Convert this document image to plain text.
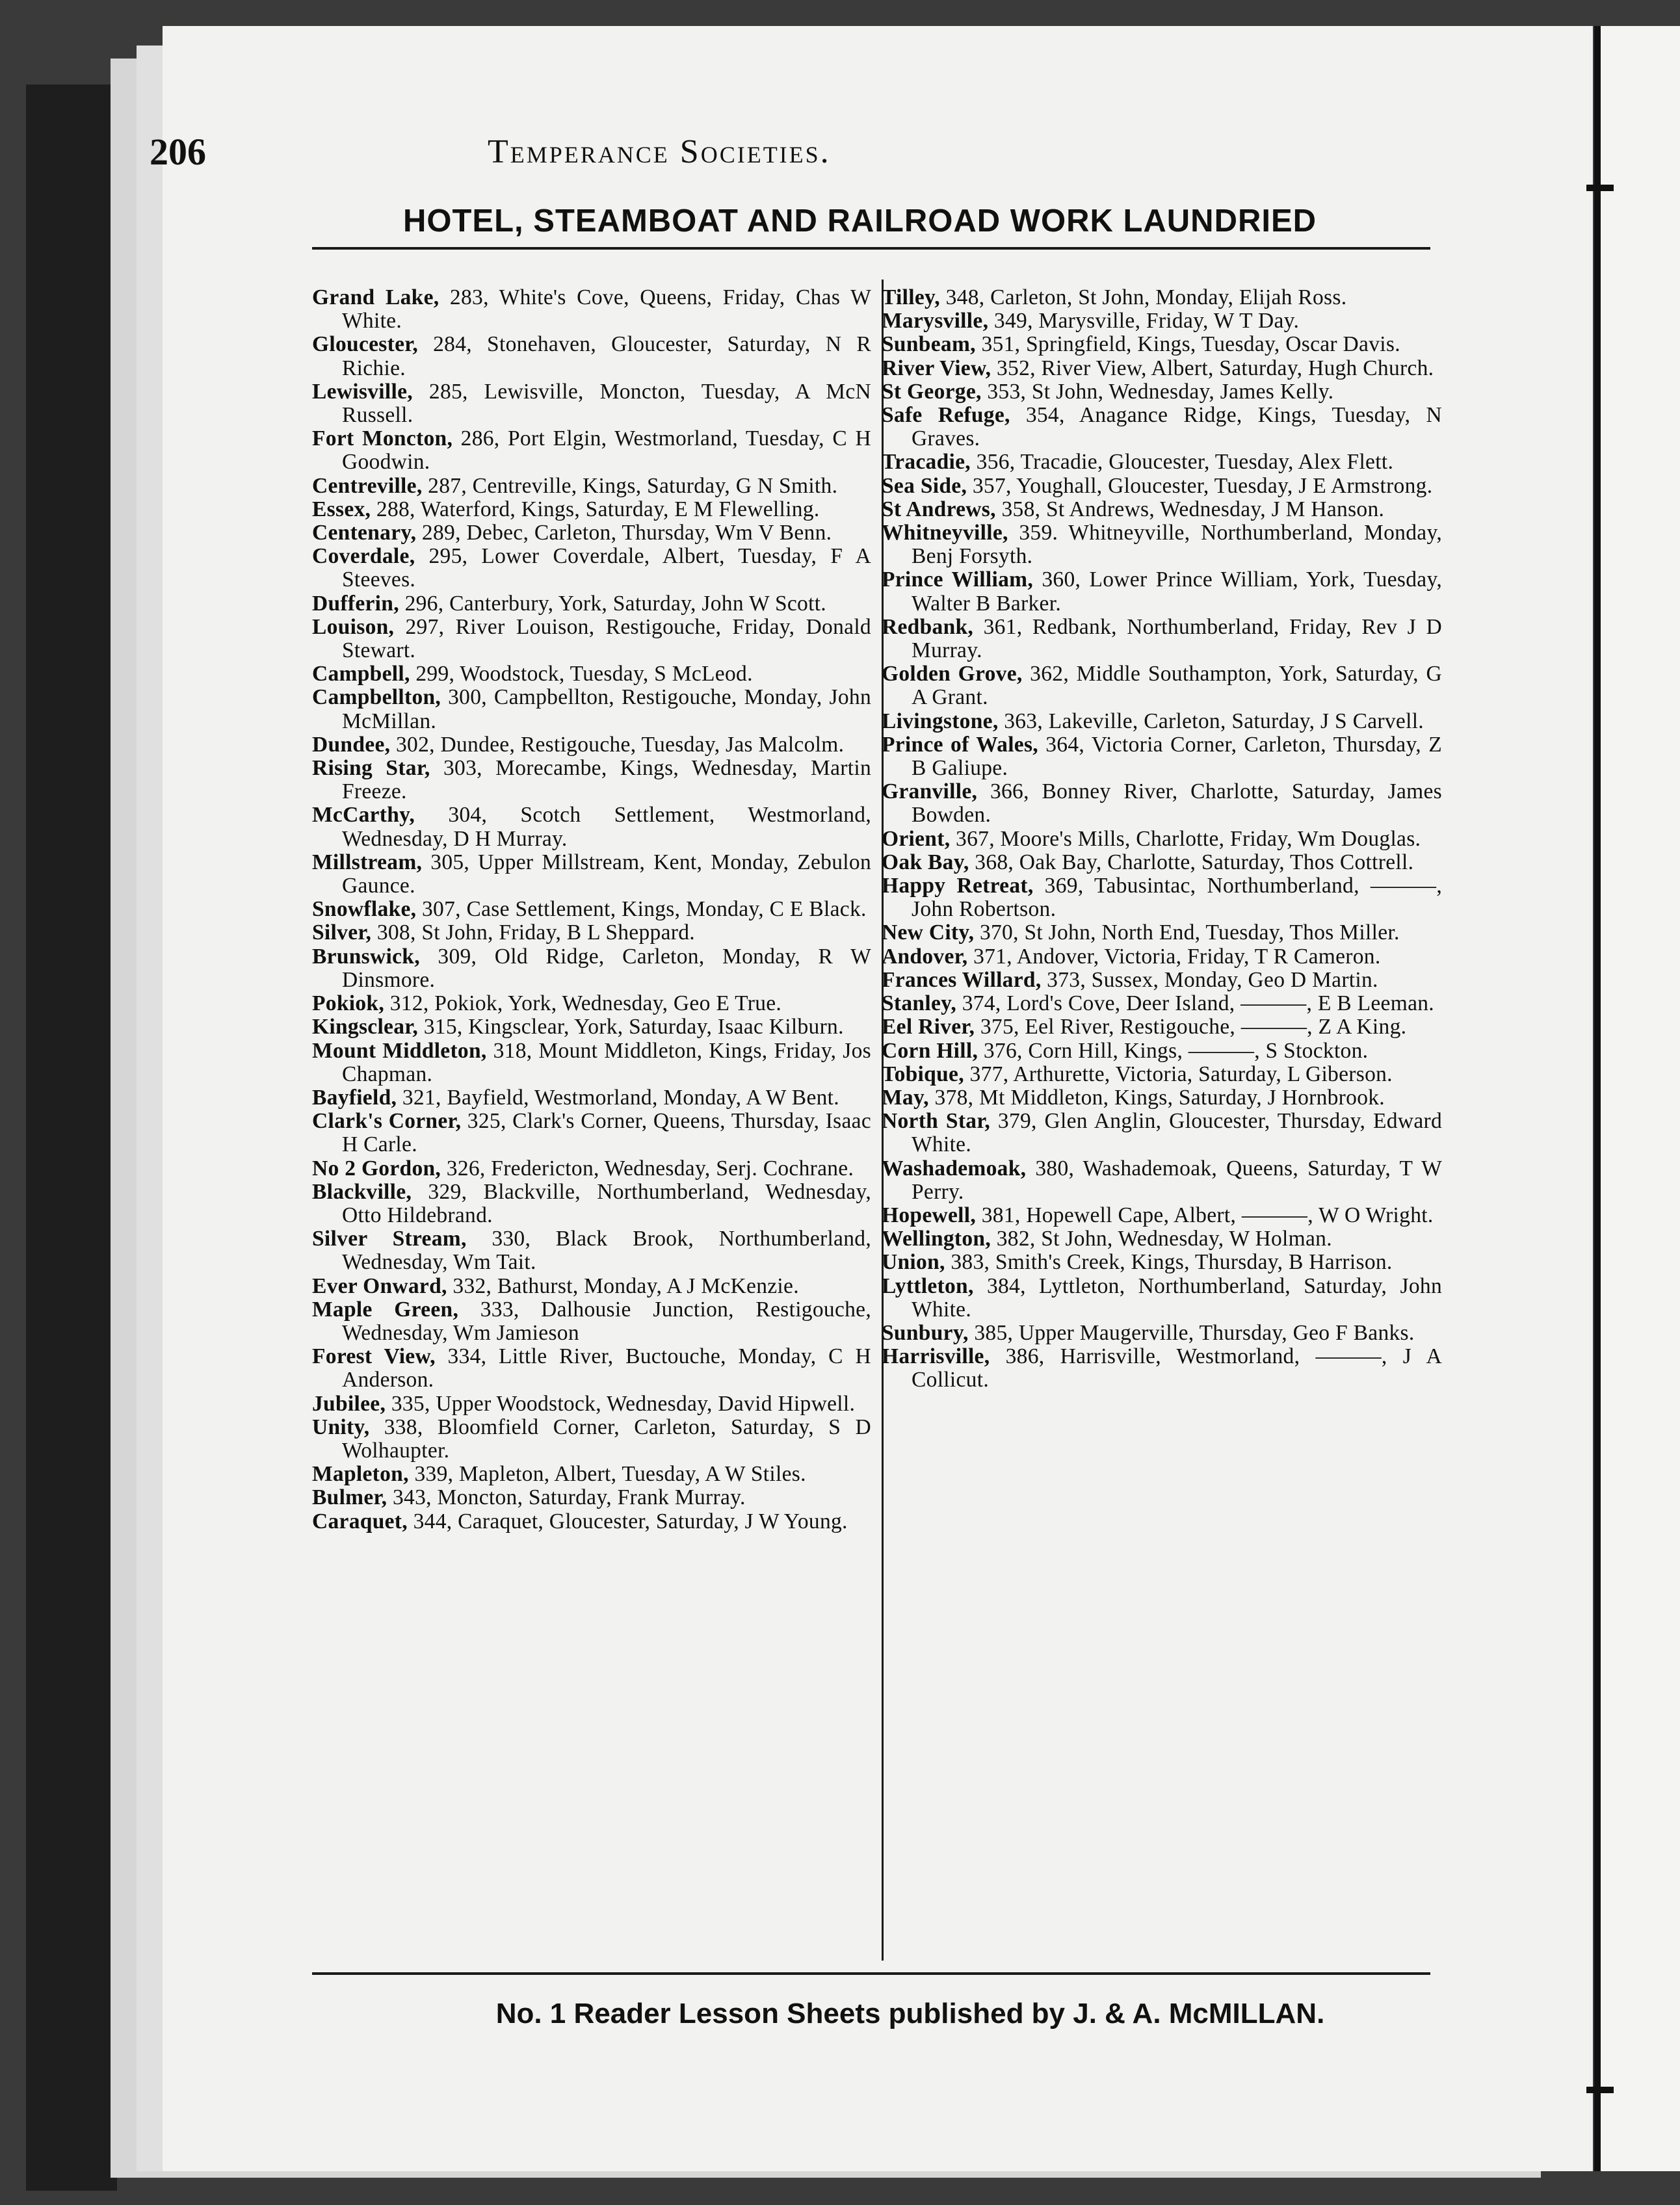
206	Temperance Societies.
HOTEL, STEAMBOAT AND RAILROAD WORK LAUNDRIED

Grand Lake, 283, White's Cove, Queens, Friday, Chas W White.

Gloucester, 284, Stonehaven, Gloucester, Saturday, N R Richie.

Lewisville, 285, Lewisville, Moncton, Tuesday, A McN Russell.

Fort Moncton, 286, Port Elgin, Westmorland, Tuesday, C H Goodwin.

Centreville, 287, Centreville, Kings, Saturday, G N Smith.

Essex, 288, Waterford, Kings, Saturday, E M Flewelling.

Centenary, 289, Debec, Carleton, Thursday, Wm V Benn.

Coverdale, 295, Lower Coverdale, Albert, Tuesday, F A Steeves.

Dufferin, 296, Canterbury, York, Saturday, John W Scott.

Louison, 297, River Louison, Restigouche, Friday, Donald Stewart.

Campbell, 299, Woodstock, Tuesday, S McLeod.

Campbellton, 300, Campbellton, Restigouche, Monday, John McMillan.

Dundee, 302, Dundee, Restigouche, Tuesday, Jas Malcolm.

Rising Star, 303, Morecambe, Kings, Wednesday, Martin Freeze.

McCarthy, 304, Scotch Settlement, Westmorland, Wednesday, D H Murray.

Millstream, 305, Upper Millstream, Kent, Monday, Zebulon Gaunce.

Snowflake, 307, Case Settlement, Kings, Monday, C E Black.

Silver, 308, St John, Friday, B L Sheppard.

Brunswick, 309, Old Ridge, Carleton, Monday, R W Dinsmore.

Pokiok, 312, Pokiok, York, Wednesday, Geo E True.

Kingsclear, 315, Kingsclear, York, Saturday, Isaac Kilburn.

Mount Middleton, 318, Mount Middleton, Kings, Friday, Jos Chapman.

Bayfield, 321, Bayfield, Westmorland, Monday, A W Bent.

Clark's Corner, 325, Clark's Corner, Queens, Thursday, Isaac H Carle.

No 2 Gordon, 326, Fredericton, Wednesday, Serj. Cochrane.

Blackville, 329, Blackville, Northumberland, Wednesday, Otto Hildebrand.

Silver Stream, 330, Black Brook, Northumberland, Wednesday, Wm Tait.

Ever Onward, 332, Bathurst, Monday, A J McKenzie.

Maple Green, 333, Dalhousie Junction, Restigouche, Wednesday, Wm Jamieson

Forest View, 334, Little River, Buctouche, Monday, C H Anderson.

Jubilee, 335, Upper Woodstock, Wednesday, David Hipwell.

Unity, 338, Bloomfield Corner, Carleton, Saturday, S D Wolhaupter.

Mapleton, 339, Mapleton, Albert, Tuesday, A W Stiles.

Bulmer, 343, Moncton, Saturday, Frank Murray.

Caraquet, 344, Caraquet, Gloucester, Saturday, J W Young.

Tilley, 348, Carleton, St John, Monday, Elijah Ross.

Marysville, 349, Marysville, Friday, W T Day.

Sunbeam, 351, Springfield, Kings, Tuesday, Oscar Davis.

River View, 352, River View, Albert, Saturday, Hugh Church.

St George, 353, St John, Wednesday, James Kelly.

Safe Refuge, 354, Anagance Ridge, Kings, Tuesday, N Graves.

Tracadie, 356, Tracadie, Gloucester, Tuesday, Alex Flett.

Sea Side, 357, Youghall, Gloucester, Tuesday, J E Armstrong.

St Andrews, 358, St Andrews, Wednesday, J M Hanson.

Whitneyville, 359. Whitneyville, Northumberland, Monday, Benj Forsyth.

Prince William, 360, Lower Prince William, York, Tuesday, Walter B Barker.

Redbank, 361, Redbank, Northumberland, Friday, Rev J D Murray.

Golden Grove, 362, Middle Southampton, York, Saturday, G A Grant.

Livingstone, 363, Lakeville, Carleton, Saturday, J S Carvell.

Prince of Wales, 364, Victoria Corner, Carleton, Thursday, Z B Galiupe.

Granville, 366, Bonney River, Charlotte, Saturday, James Bowden.

Orient, 367, Moore's Mills, Charlotte, Friday, Wm Douglas.

Oak Bay, 368, Oak Bay, Charlotte, Saturday, Thos Cottrell.

Happy Retreat, 369, Tabusintac, Northumberland, ———, John Robertson.

New City, 370, St John, North End, Tuesday, Thos Miller.

Andover, 371, Andover, Victoria, Friday, T R Cameron.

Frances Willard, 373, Sussex, Monday, Geo D Martin.

Stanley, 374, Lord's Cove, Deer Island, ———, E B Leeman.

Eel River, 375, Eel River, Restigouche, ———, Z A King.

Corn Hill, 376, Corn Hill, Kings, ———, S Stockton.

Tobique, 377, Arthurette, Victoria, Saturday, L Giberson.

May, 378, Mt Middleton, Kings, Saturday, J Hornbrook.

North Star, 379, Glen Anglin, Gloucester, Thursday, Edward White.

Washademoak, 380, Washademoak, Queens, Saturday, T W Perry.

Hopewell, 381, Hopewell Cape, Albert, ———, W O Wright.

Wellington, 382, St John, Wednesday, W Holman.

Union, 383, Smith's Creek, Kings, Thursday, B Harrison.

Lyttleton, 384, Lyttleton, Northumberland, Saturday, John White.

Sunbury, 385, Upper Maugerville, Thursday, Geo F Banks.

Harrisville, 386, Harrisville, Westmorland, ———, J A Collicut.

No. 1 Reader Lesson Sheets published by J. & A. McMILLAN.
